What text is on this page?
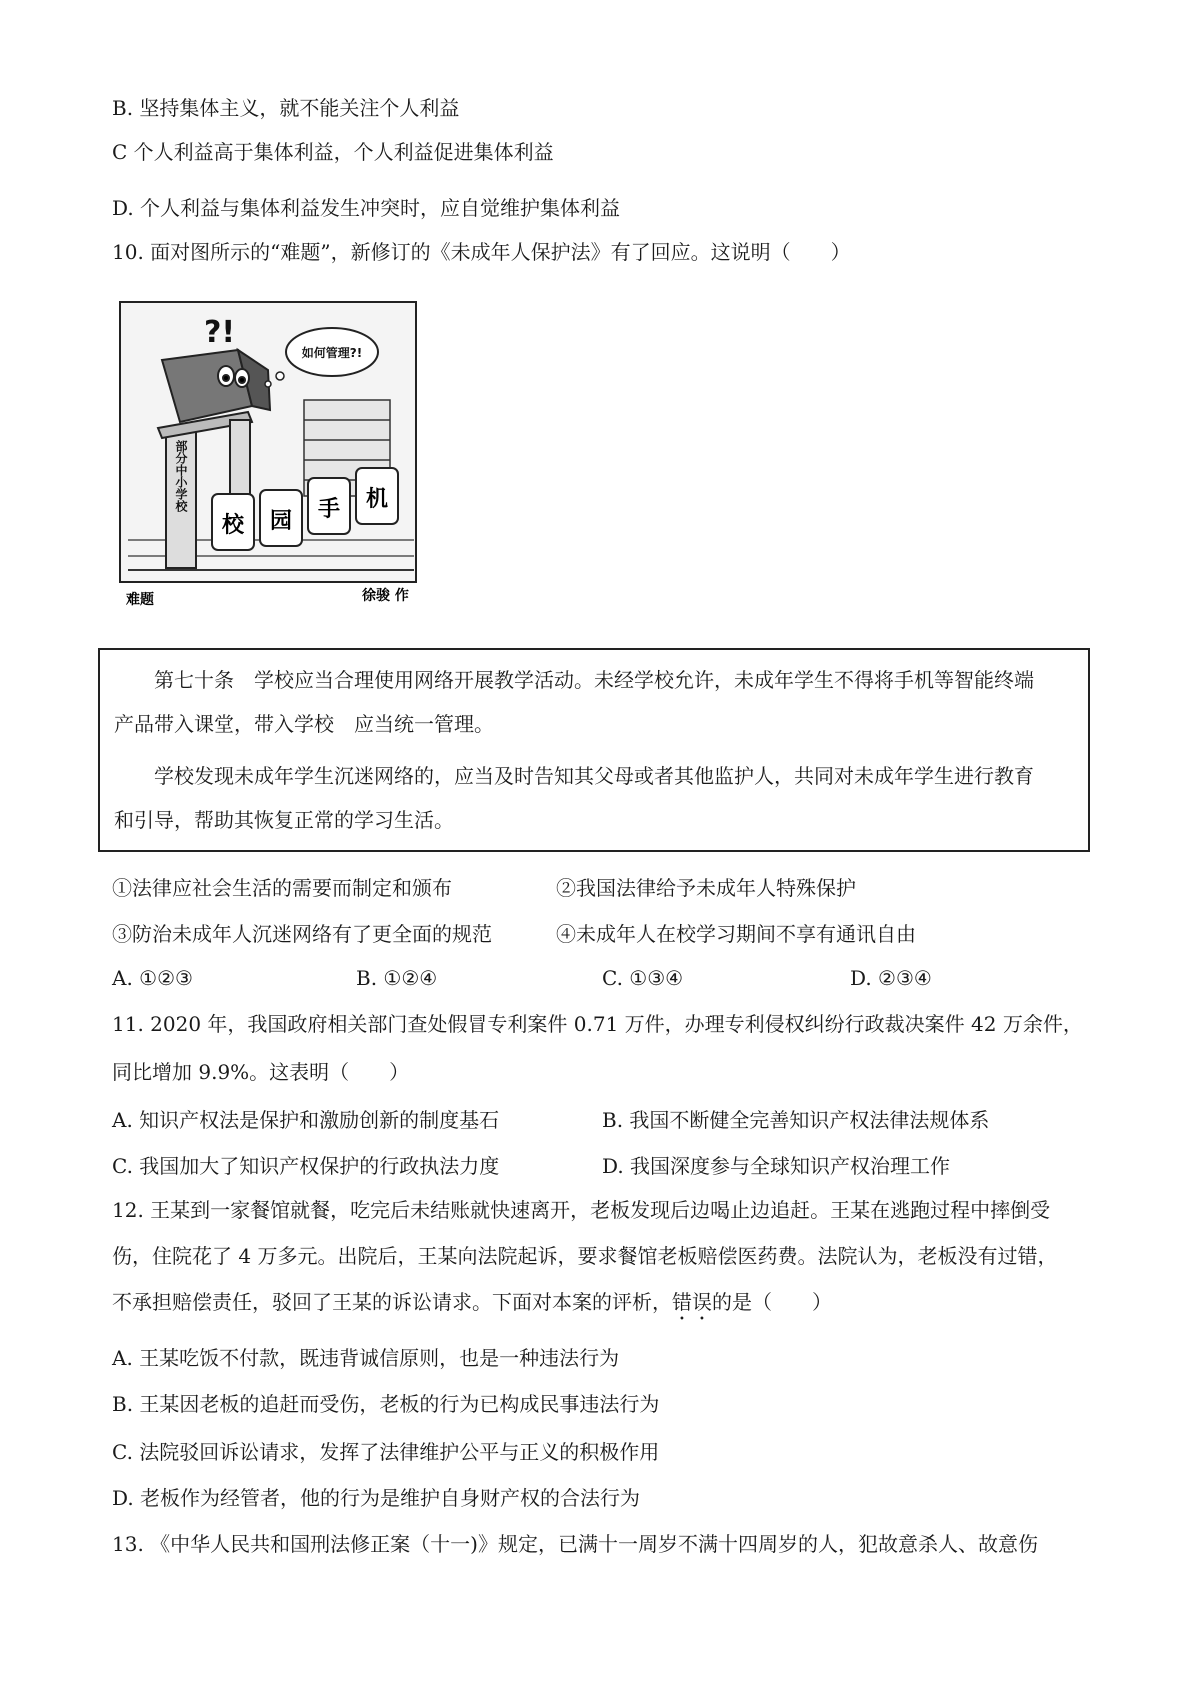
B. 坚持集体主义，就不能关注个人利益
C 个人利益高于集体利益，个人利益促进集体利益
D. 个人利益与集体利益发生冲突时，应自觉维护集体利益
10. 面对图所示的“难题”，新修订的《未成年人保护法》有了回应。这说明（　　）
?!
如何管理?!
部分中小学校
校 园 手 机
难题	徐骏 作
第七十条　学校应当合理使用网络开展教学活动。未经学校允许，未成年学生不得将手机等智能终端
产品带入课堂，带入学校　应当统一管理。
学校发现未成年学生沉迷网络的，应当及时告知其父母或者其他监护人，共同对未成年学生进行教育
和引导，帮助其恢复正常的学习生活。
①法律应社会生活的需要而制定和颁布	②我国法律给予未成年人特殊保护
③防治未成年人沉迷网络有了更全面的规范	④未成年人在校学习期间不享有通讯自由
A. ①②③	B. ①②④	C. ①③④	D. ②③④
11. 2020 年，我国政府相关部门查处假冒专利案件 0.71 万件，办理专利侵权纠纷行政裁决案件 42 万余件，
同比增加 9.9%。这表明（　　）
A. 知识产权法是保护和激励创新的制度基石	B. 我国不断健全完善知识产权法律法规体系
C. 我国加大了知识产权保护的行政执法力度	D. 我国深度参与全球知识产权治理工作
12. 王某到一家餐馆就餐，吃完后未结账就快速离开，老板发现后边喝止边追赶。王某在逃跑过程中摔倒受
伤，住院花了 4 万多元。出院后，王某向法院起诉，要求餐馆老板赔偿医药费。法院认为，老板没有过错，
不承担赔偿责任，驳回了王某的诉讼请求。下面对本案的评析，错误的是（　　）
A. 王某吃饭不付款，既违背诚信原则，也是一种违法行为
B. 王某因老板的追赶而受伤，老板的行为已构成民事违法行为
C. 法院驳回诉讼请求，发挥了法律维护公平与正义的积极作用
D. 老板作为经管者，他的行为是维护自身财产权的合法行为
13. 《中华人民共和国刑法修正案（十一)》规定，已满十一周岁不满十四周岁的人，犯故意杀人、故意伤
